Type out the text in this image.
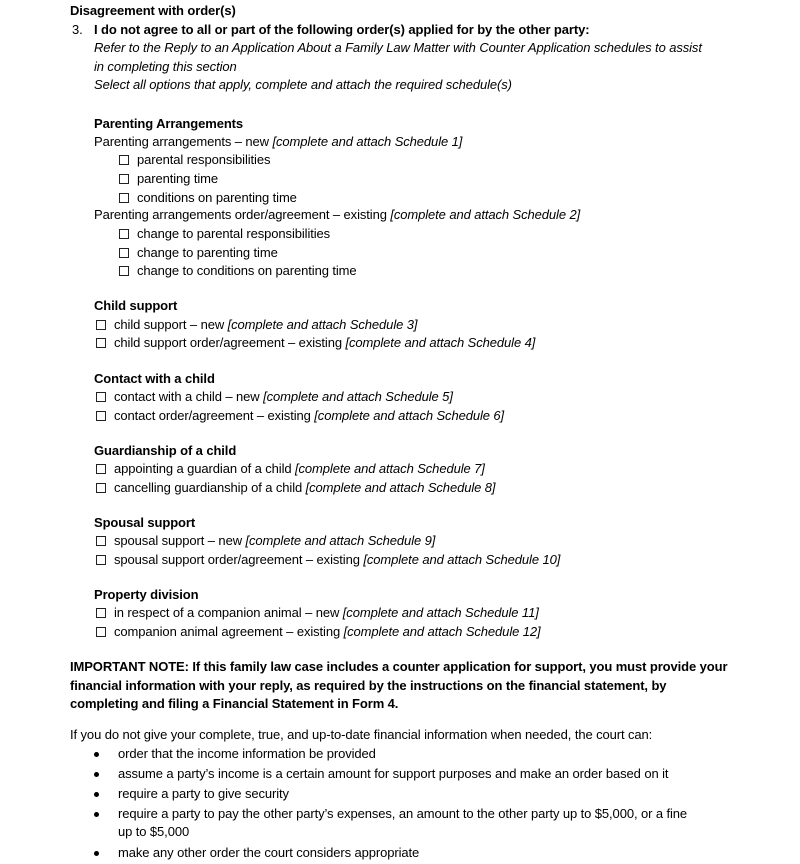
Disagreement with order(s)
3. I do not agree to all or part of the following order(s) applied for by the other party:
Refer to the Reply to an Application About a Family Law Matter with Counter Application schedules to assist
in completing this section
Select all options that apply, complete and attach the required schedule(s)
Parenting Arrangements
Parenting arrangements – new [complete and attach Schedule 1]
parental responsibilities
parenting time
conditions on parenting time
Parenting arrangements order/agreement – existing [complete and attach Schedule 2]
change to parental responsibilities
change to parenting time
change to conditions on parenting time
Child support
child support – new [complete and attach Schedule 3]
child support order/agreement – existing [complete and attach Schedule 4]
Contact with a child
contact with a child – new [complete and attach Schedule 5]
contact order/agreement – existing [complete and attach Schedule 6]
Guardianship of a child
appointing a guardian of a child [complete and attach Schedule 7]
cancelling guardianship of a child [complete and attach Schedule 8]
Spousal support
spousal support – new [complete and attach Schedule 9]
spousal support order/agreement – existing [complete and attach Schedule 10]
Property division
in respect of a companion animal – new [complete and attach Schedule 11]
companion animal agreement – existing [complete and attach Schedule 12]
IMPORTANT NOTE: If this family law case includes a counter application for support, you must provide your
financial information with your reply, as required by the instructions on the financial statement, by
completing and filing a Financial Statement in Form 4.
If you do not give your complete, true, and up-to-date financial information when needed, the court can:
order that the income information be provided
assume a party’s income is a certain amount for support purposes and make an order based on it
require a party to give security
require a party to pay the other party’s expenses, an amount to the other party up to $5,000, or a fine
up to $5,000
make any other order the court considers appropriate
